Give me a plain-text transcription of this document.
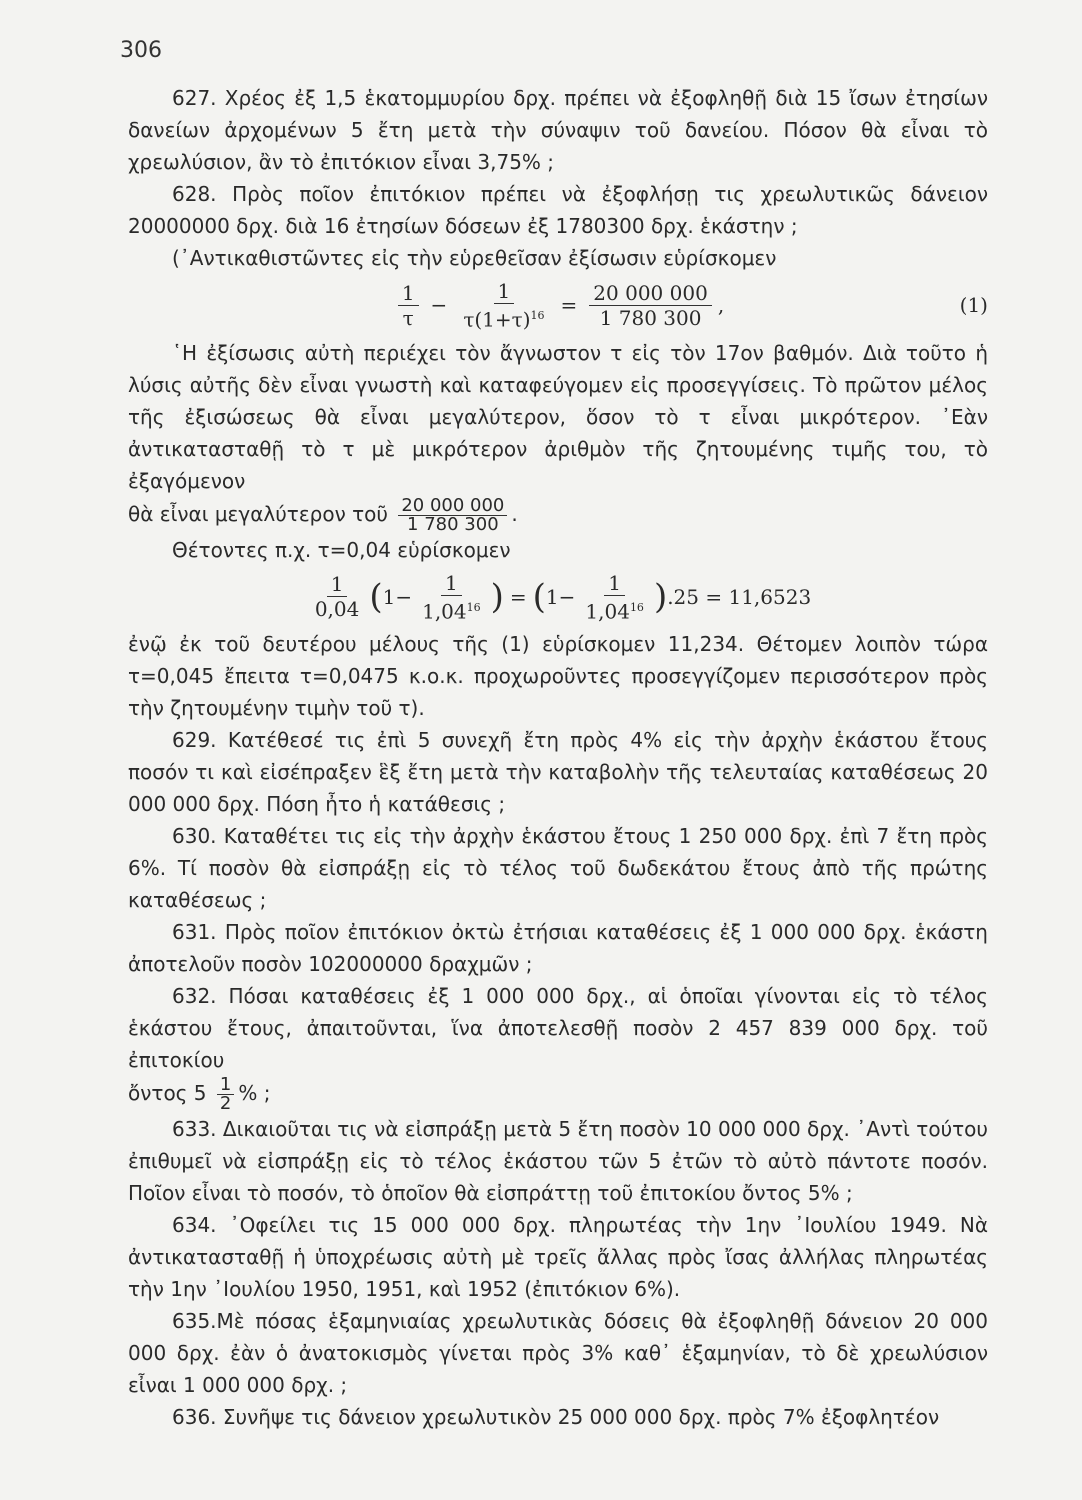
306

627. Χρέος ἐξ 1,5 ἑκατομμυρίου δρχ. πρέπει νὰ ἐξοφληθῇ διὰ 15 ἴσων ἐτησίων δανείων ἀρχομένων 5 ἔτη μετὰ τὴν σύναψιν τοῦ δανείου. Πόσον θὰ εἶναι τὸ χρεωλύσιον, ἂν τὸ ἐπιτόκιον εἶναι 3,75% ;

628. Πρὸς ποῖον ἐπιτόκιον πρέπει νὰ ἐξοφλήσῃ τις χρεωλυτικῶς δάνειον 20000000 δρχ. διὰ 16 ἐτησίων δόσεων ἐξ 1780300 δρχ. ἑκάστην ;

(᾿Αντικαθιστῶντες εἰς τὴν εὑρεθεῖσαν ἐξίσωσιν εὑρίσκομεν

$\frac{1}{\tau} - \frac{1}{\tau(1+\tau)^{16}} = \frac{20 000 000}{1 780 300}$ ,	(1)

῾Η ἐξίσωσις αὐτὴ περιέχει τὸν ἄγνωστον τ εἰς τὸν 17ον βαθμόν. Διὰ τοῦτο ἡ λύσις αὐτῆς δὲν εἶναι γνωστὴ καὶ καταφεύγομεν εἰς προσεγγίσεις. Τὸ πρῶτον μέλος τῆς ἐξισώσεως θὰ εἶναι μεγαλύτερον, ὅσον τὸ τ εἶναι μικρότερον. ᾿Εὰν ἀντικατασταθῇ τὸ τ μὲ μικρότερον ἀριθμὸν τῆς ζητουμένης τιμῆς του, τὸ ἐξαγόμενον

θὰ εἶναι μεγαλύτερον τοῦ $\frac{20 000 000}{1 780 300}$ .

Θέτοντες π.χ. τ=0,04 εὑρίσκομεν

$\frac{1}{0,04}$ ( $1- \frac{1}{1,04^{16}}$ ) = ( $1- \frac{1}{1,04^{16}}$ ) .25 = 11,6523

ἐνῷ ἐκ τοῦ δευτέρου μέλους τῆς (1) εὑρίσκομεν 11,234. Θέτομεν λοιπὸν τώρα τ=0,045 ἔπειτα τ=0,0475 κ.ο.κ. προχωροῦντες προσεγγίζομεν περισσότερον πρὸς τὴν ζητουμένην τιμὴν τοῦ τ).

629. Κατέθεσέ τις ἐπὶ 5 συνεχῆ ἔτη πρὸς 4% εἰς τὴν ἀρχὴν ἑκάστου ἔτους ποσόν τι καὶ εἰσέπραξεν ἓξ ἔτη μετὰ τὴν καταβολὴν τῆς τελευταίας καταθέσεως 20 000 000 δρχ. Πόση ἦτο ἡ κατάθεσις ;

630. Καταθέτει τις εἰς τὴν ἀρχὴν ἑκάστου ἔτους 1 250 000 δρχ. ἐπὶ 7 ἔτη πρὸς 6%. Τί ποσὸν θὰ εἰσπράξῃ εἰς τὸ τέλος τοῦ δωδεκάτου ἔτους ἀπὸ τῆς πρώτης καταθέσεως ;

631. Πρὸς ποῖον ἐπιτόκιον ὀκτὼ ἐτήσιαι καταθέσεις ἐξ 1 000 000 δρχ. ἑκάστη ἀποτελοῦν ποσὸν 102000000 δραχμῶν ;

632. Πόσαι καταθέσεις ἐξ 1 000 000 δρχ., αἱ ὁποῖαι γίνονται εἰς τὸ τέλος ἑκάστου ἔτους, ἀπαιτοῦνται, ἵνα ἀποτελεσθῇ ποσὸν 2 457 839 000 δρχ. τοῦ ἐπιτοκίου

ὄντος $5 \frac{1}{2}$ % ;

633. Δικαιοῦται τις νὰ εἰσπράξῃ μετὰ 5 ἔτη ποσὸν 10 000 000 δρχ. ᾿Αντὶ τούτου ἐπιθυμεῖ νὰ εἰσπράξῃ εἰς τὸ τέλος ἑκάστου τῶν 5 ἐτῶν τὸ αὐτὸ πάντοτε ποσόν. Ποῖον εἶναι τὸ ποσόν, τὸ ὁποῖον θὰ εἰσπράττῃ τοῦ ἐπιτοκίου ὄντος 5% ;

634. ᾿Οφείλει τις 15 000 000 δρχ. πληρωτέας τὴν 1ην ᾿Ιουλίου 1949. Νὰ ἀντικατασταθῇ ἡ ὑποχρέωσις αὐτὴ μὲ τρεῖς ἄλλας πρὸς ἴσας ἀλλήλας πληρωτέας τὴν 1ην ᾿Ιουλίου 1950, 1951, καὶ 1952 (ἐπιτόκιον 6%).

635.Μὲ πόσας ἑξαμηνιαίας χρεωλυτικὰς δόσεις θὰ ἐξοφληθῇ δάνειον 20 000 000 δρχ. ἐὰν ὁ ἀνατοκισμὸς γίνεται πρὸς 3% καθ᾿ ἑξαμηνίαν, τὸ δὲ χρεωλύσιον εἶναι 1 000 000 δρχ. ;

636. Συνῆψε τις δάνειον χρεωλυτικὸν 25 000 000 δρχ. πρὸς 7% ἐξοφλητέον
